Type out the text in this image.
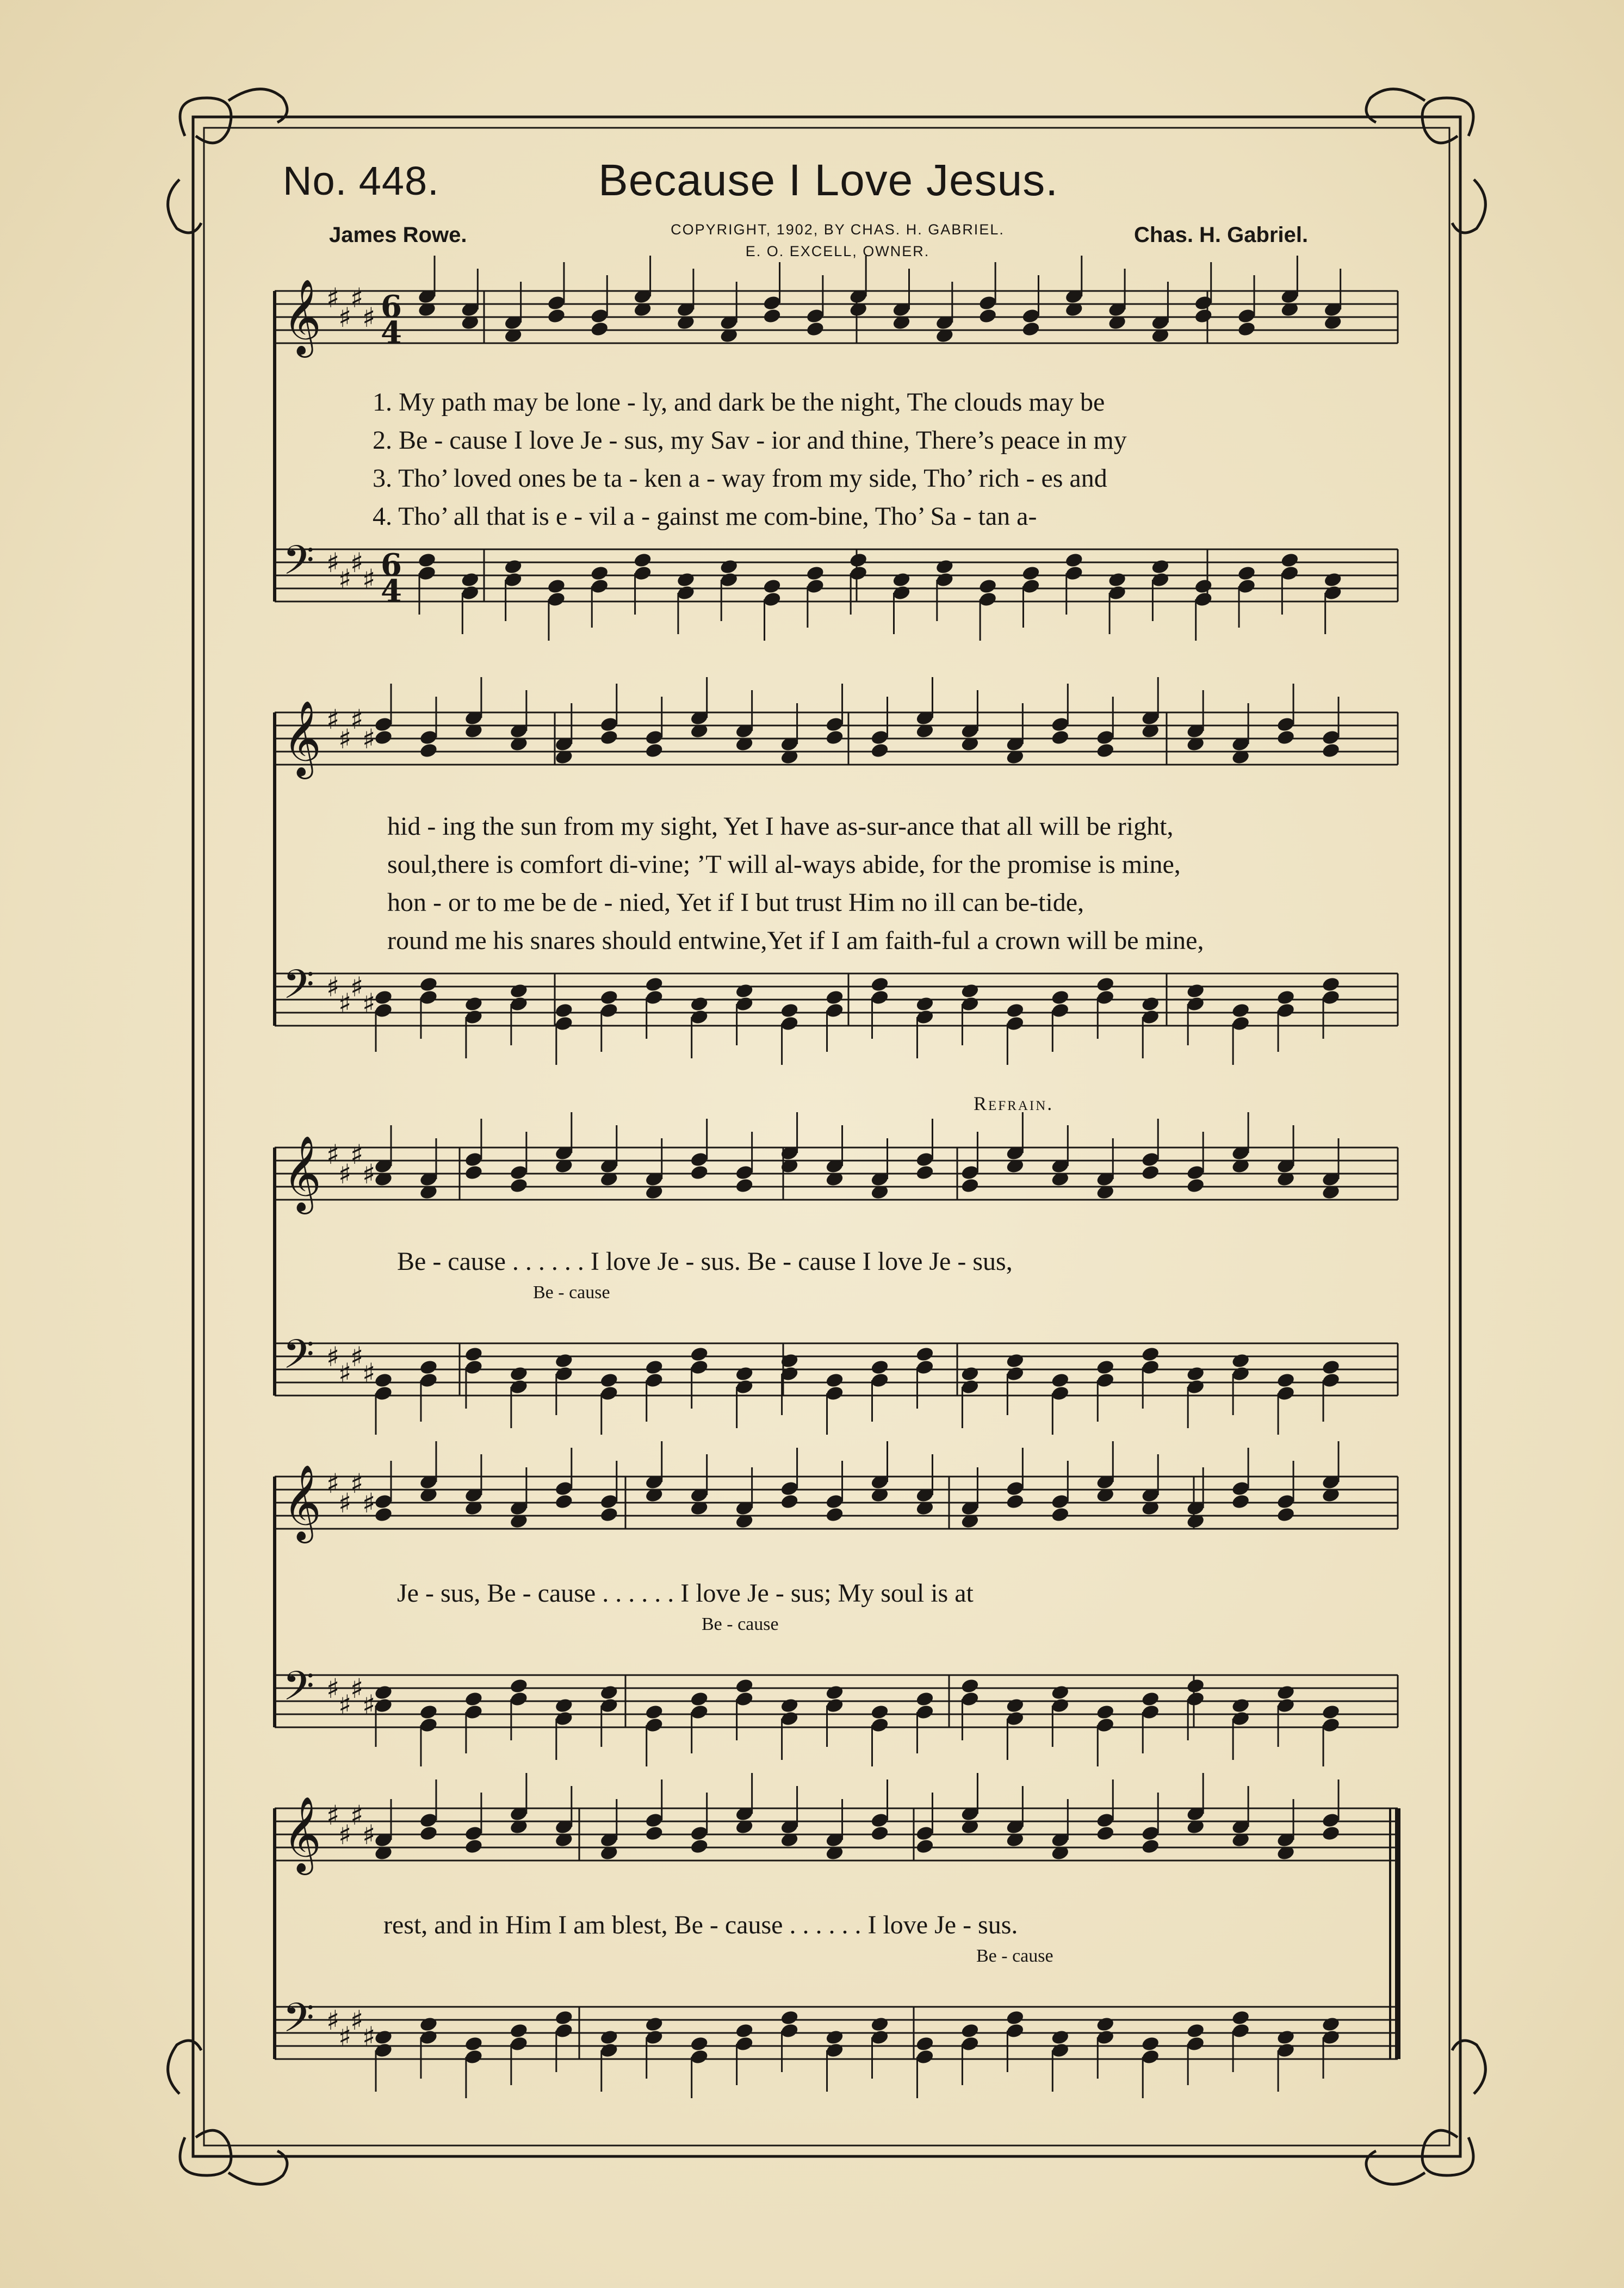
No. 448.	Because I Love Jesus.
James Rowe.	Chas. H. Gabriel.
COPYRIGHT, 1902, BY CHAS. H. GABRIEL.
E. O. EXCELL, OWNER.
𝄞
𝄢
♯
♯
♯
♯
♯
♯
♯
♯
𝄞
𝄢
♯
♯
♯
♯
♯
♯
♯
♯
𝄞
𝄢
♯
♯
♯
♯
♯
♯
♯
♯
𝄞
𝄢
♯
♯
♯
♯
♯
♯
♯
♯
𝄞
𝄢
♯
♯
♯
♯
♯
♯
♯
♯
6
4
6
4
1. My path may be lone - ly, and dark be the night, The clouds may be
2. Be - cause I love Je - sus, my Sav - ior and thine, There’s peace in my
3. Tho’ loved ones be ta - ken a - way from my side, Tho’ rich - es and
4. Tho’ all that is e - vil a - gainst me com-bine, Tho’ Sa - tan a-
hid - ing the sun from my sight, Yet I have as-sur-ance that all will be right,
soul,there is comfort di-vine; ’T will al-ways abide, for the promise is mine,
hon - or to me be de - nied, Yet if I but trust Him no ill can be-tide,
round me his snares should entwine,Yet if I am faith-ful a crown will be mine,
Refrain.
Be - cause . . . . . . I love Je - sus. Be - cause I love Je - sus,
Je - sus, Be - cause . . . . . . I love Je - sus; My soul is at
rest, and in Him I am blest, Be - cause . . . . . . I love Je - sus.
Be - cause
Be - cause
Be - cause
